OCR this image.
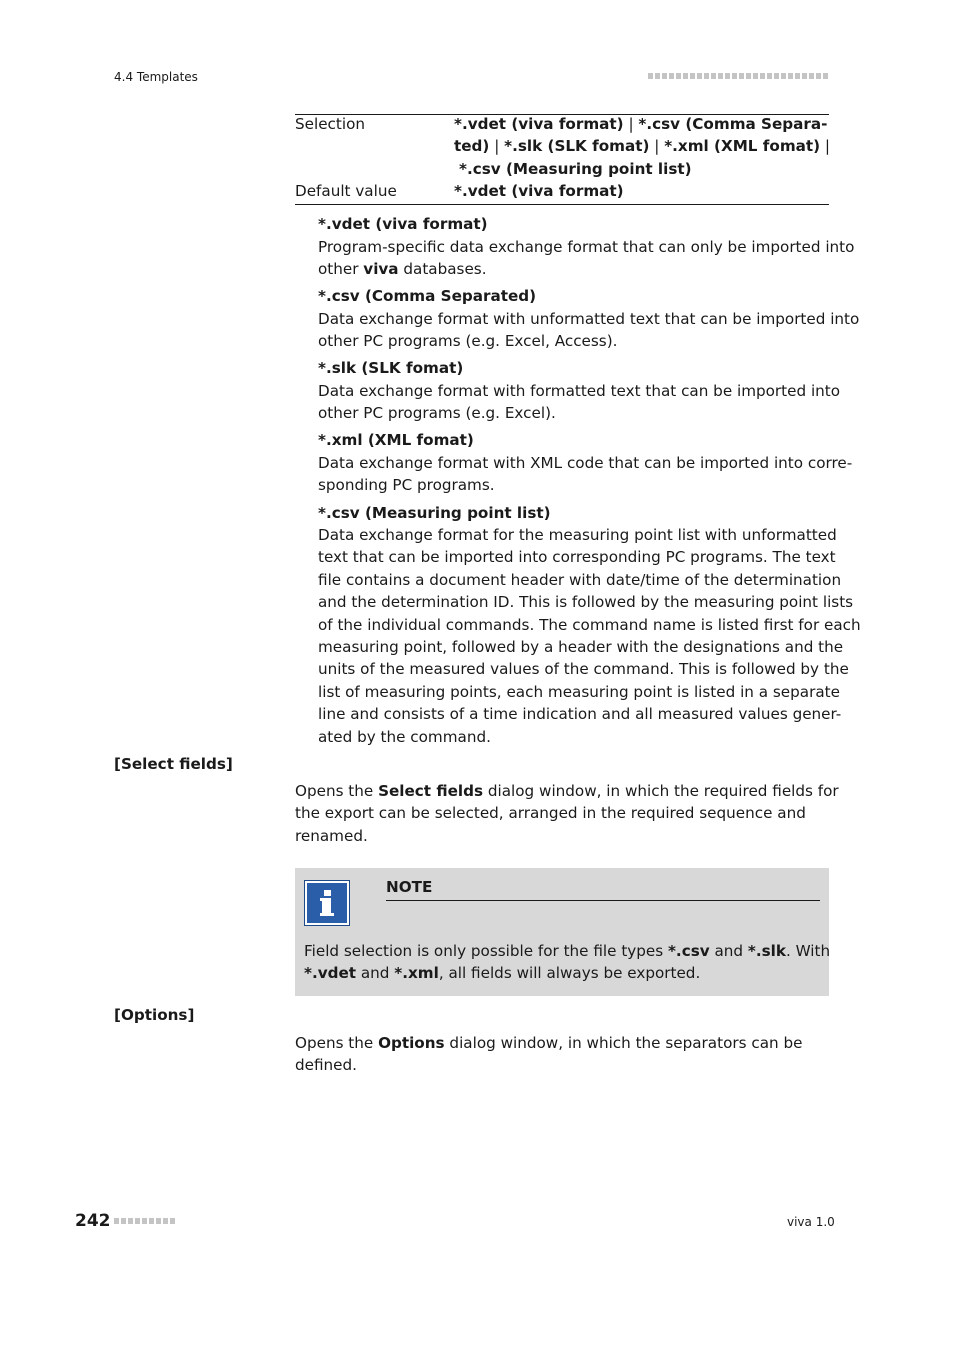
4.4 Templates
Selection	*.vdet (viva format) | *.csv (Comma Separa-
ted) | *.slk (SLK fomat) | *.xml (XML fomat) |
*.csv (Measuring point list)
Default value	*.vdet (viva format)
*.vdet (viva format)
Program-specific data exchange format that can only be imported into
other viva databases.
*.csv (Comma Separated)
Data exchange format with unformatted text that can be imported into
other PC programs (e.g. Excel, Access).
*.slk (SLK fomat)
Data exchange format with formatted text that can be imported into
other PC programs (e.g. Excel).
*.xml (XML fomat)
Data exchange format with XML code that can be imported into corre-
sponding PC programs.
*.csv (Measuring point list)
Data exchange format for the measuring point list with unformatted
text that can be imported into corresponding PC programs. The text
file contains a document header with date/time of the determination
and the determination ID. This is followed by the measuring point lists
of the individual commands. The command name is listed first for each
measuring point, followed by a header with the designations and the
units of the measured values of the command. This is followed by the
list of measuring points, each measuring point is listed in a separate
line and consists of a time indication and all measured values gener-
ated by the command.
[Select fields]
Opens the Select fields dialog window, in which the required fields for
the export can be selected, arranged in the required sequence and
renamed.
NOTE
Field selection is only possible for the file types *.csv and *.slk. With
*.vdet and *.xml, all fields will always be exported.
[Options]
Opens the Options dialog window, in which the separators can be
defined.
242	viva 1.0
